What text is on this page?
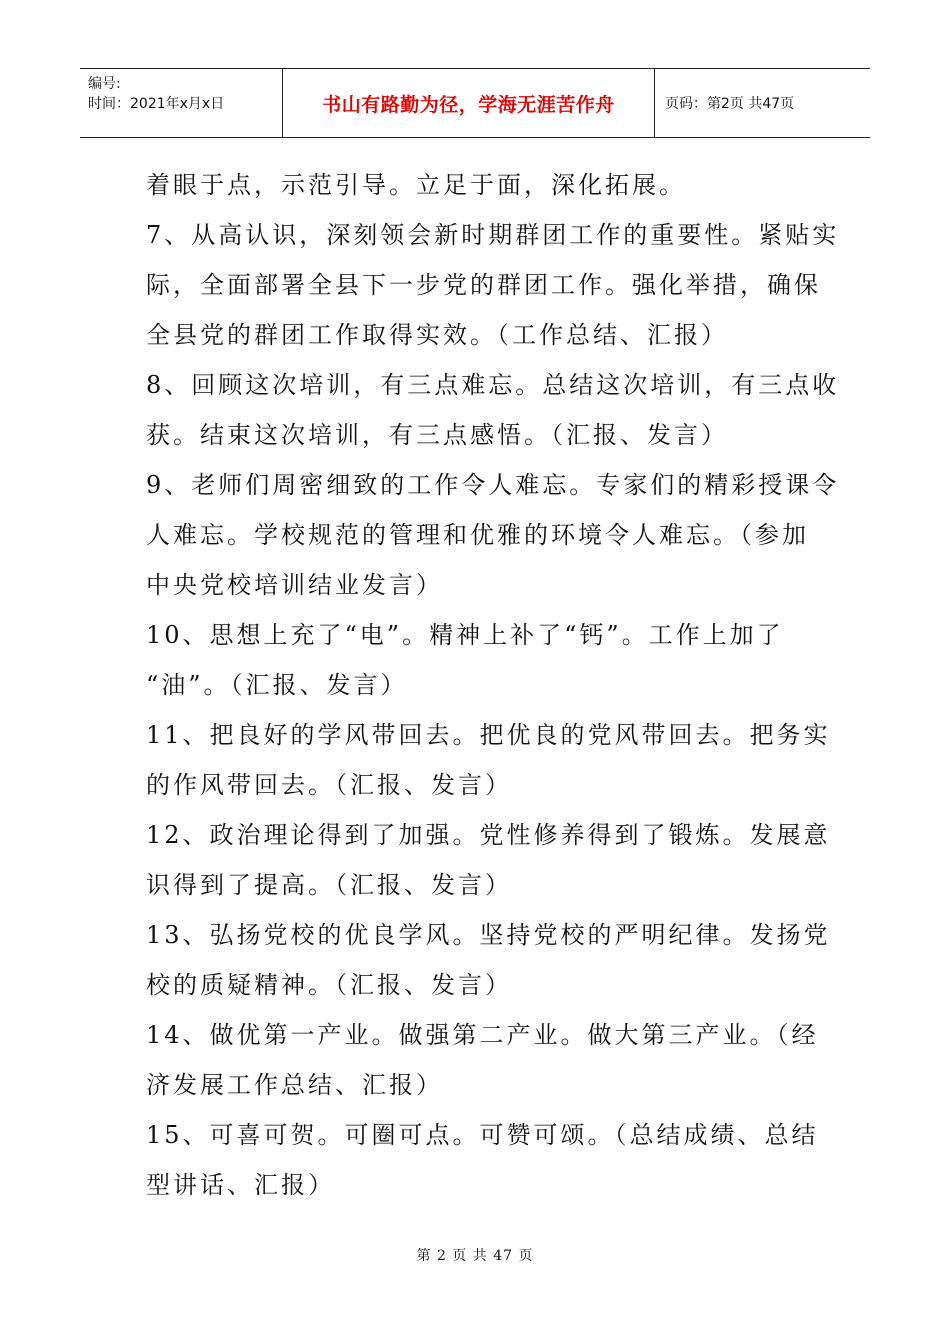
编号:
时间：2021年x月x日	书山有路勤为径，学海无涯苦作舟	页码：第2页 共47页
着眼于点，示范引导。立足于面，深化拓展。
7、从高认识，深刻领会新时期群团工作的重要性。紧贴实
际，全面部署全县下一步党的群团工作。强化举措，确保
全县党的群团工作取得实效。（工作总结、汇报）
8、回顾这次培训，有三点难忘。总结这次培训，有三点收
获。结束这次培训，有三点感悟。（汇报、发言）
9、老师们周密细致的工作令人难忘。专家们的精彩授课令
人难忘。学校规范的管理和优雅的环境令人难忘。（参加
中央党校培训结业发言）
10、思想上充了“电”。精神上补了“钙”。工作上加了
“油”。（汇报、发言）
11、把良好的学风带回去。把优良的党风带回去。把务实
的作风带回去。（汇报、发言）
12、政治理论得到了加强。党性修养得到了锻炼。发展意
识得到了提高。（汇报、发言）
13、弘扬党校的优良学风。坚持党校的严明纪律。发扬党
校的质疑精神。（汇报、发言）
14、做优第一产业。做强第二产业。做大第三产业。（经
济发展工作总结、汇报）
15、可喜可贺。可圈可点。可赞可颂。（总结成绩、总结
型讲话、汇报）
第 2 页 共 47 页
